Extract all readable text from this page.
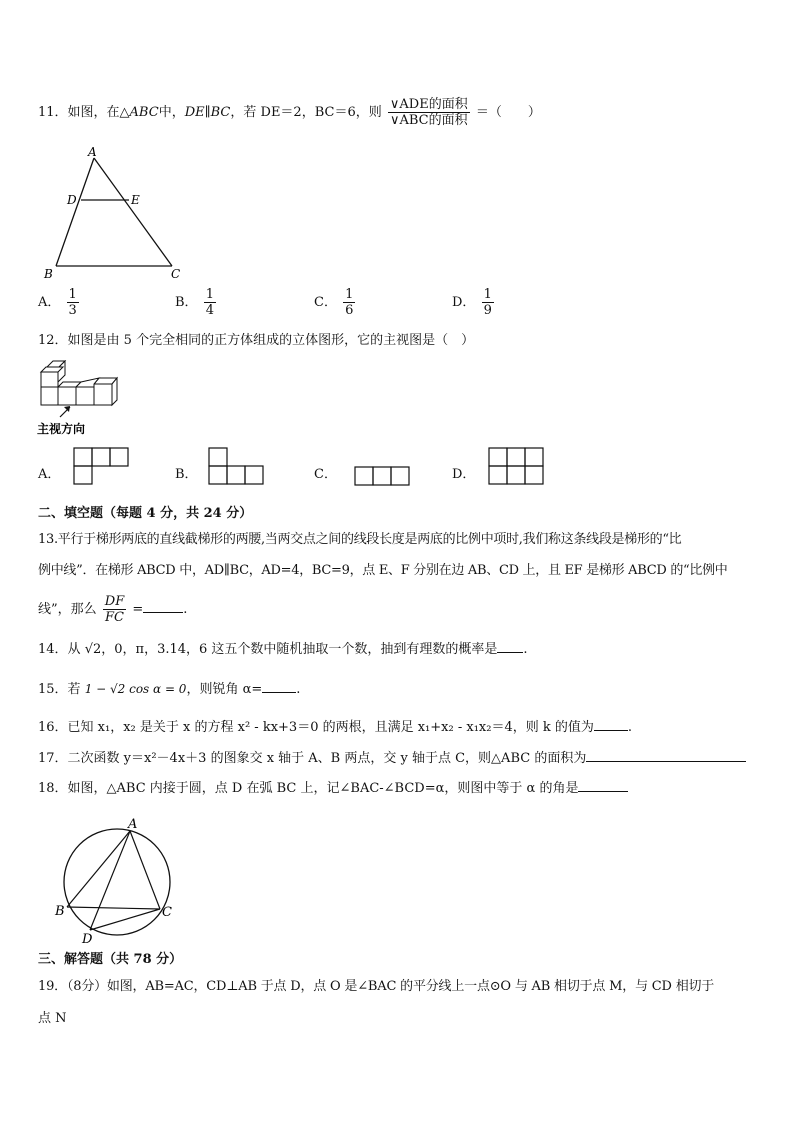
11．如图，在△ABC中，DE∥BC，若 DE＝2，BC＝6，则 $\frac{\text{∨ADE的面积}}{\text{∨ABC的面积}}$ ＝（　　）
A
D	E
B	C
A． $\frac{1}{3}$	B． $\frac{1}{4}$	C． $\frac{1}{6}$	D． $\frac{1}{9}$
12．如图是由 5 个完全相同的正方体组成的立体图形，它的主视图是（　）
主视方向
A．	B．	C．	D．
二、填空题（每题 4 分，共 24 分）
13.平行于梯形两底的直线截梯形的两腰,当两交点之间的线段长度是两底的比例中项时,我们称这条线段是梯形的“比
例中线”．在梯形 ABCD 中，AD∥BC，AD=4，BC=9，点 E、F 分别在边 AB、CD 上，且 EF 是梯形 ABCD 的“比例中
线”，那么 $\frac{DF}{FC}$ =	.
14．从 √2，0，π，3.14，6 这五个数中随机抽取一个数，抽到有理数的概率是 .
15．若 1 − √2 cos α = 0，则锐角 α=	.
16．已知 x₁，x₂ 是关于 x 的方程 x² - kx+3＝0 的两根，且满足 x₁+x₂ - x₁x₂＝4，则 k 的值为	.
17．二次函数 y＝x²－4x＋3 的图象交 x 轴于 A、B 两点，交 y 轴于点 C，则△ABC 的面积为
18．如图，△ABC 内接于圆，点 D 在弧 BC 上，记∠BAC-∠BCD=α，则图中等于 α 的角是
A
B	C
D
三、解答题（共 78 分）
19．（8分）如图，AB=AC，CD⊥AB 于点 D，点 O 是∠BAC 的平分线上一点⊙O 与 AB 相切于点 M，与 CD 相切于
点 N
